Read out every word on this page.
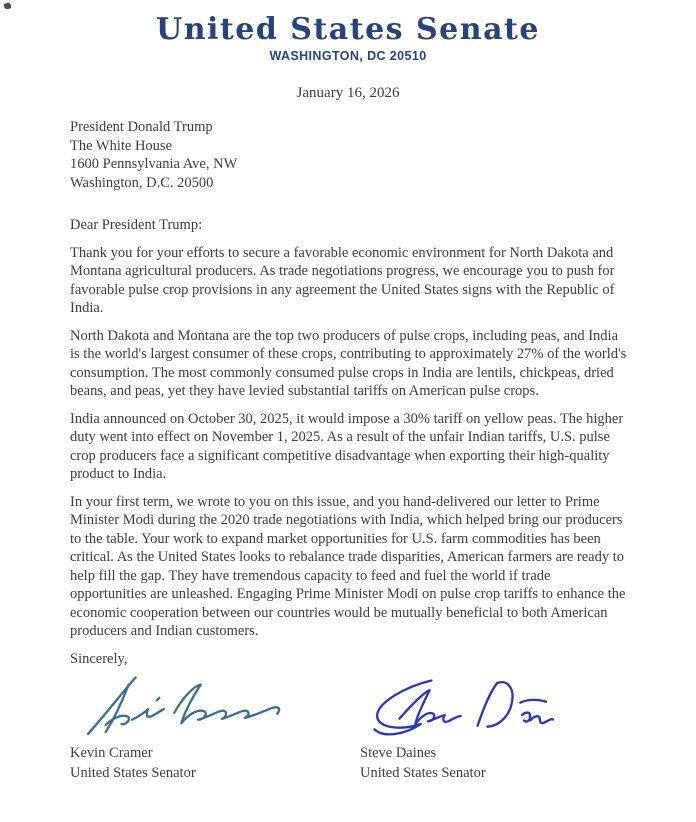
United States Senate
WASHINGTON, DC 20510
January 16, 2026
President Donald Trump
The White House
1600 Pennsylvania Ave, NW
Washington, D.C. 20500
Dear President Trump:

Thank you for your efforts to secure a favorable economic environment for North Dakota and Montana agricultural producers. As trade negotiations progress, we encourage you to push for favorable pulse crop provisions in any agreement the United States signs with the Republic of India.

North Dakota and Montana are the top two producers of pulse crops, including peas, and India is the world's largest consumer of these crops, contributing to approximately 27% of the world's consumption. The most commonly consumed pulse crops in India are lentils, chickpeas, dried beans, and peas, yet they have levied substantial tariffs on American pulse crops.

India announced on October 30, 2025, it would impose a 30% tariff on yellow peas. The higher duty went into effect on November 1, 2025. As a result of the unfair Indian tariffs, U.S. pulse crop producers face a significant competitive disadvantage when exporting their high-quality product to India.

In your first term, we wrote to you on this issue, and you hand-delivered our letter to Prime Minister Modi during the 2020 trade negotiations with India, which helped bring our producers to the table. Your work to expand market opportunities for U.S. farm commodities has been critical. As the United States looks to rebalance trade disparities, American farmers are ready to help fill the gap. They have tremendous capacity to feed and fuel the world if trade opportunities are unleashed. Engaging Prime Minister Modi on pulse crop tariffs to enhance the economic cooperation between our countries would be mutually beneficial to both American producers and Indian customers.

Sincerely,
Kevin Cramer
United States Senator
Steve Daines
United States Senator
